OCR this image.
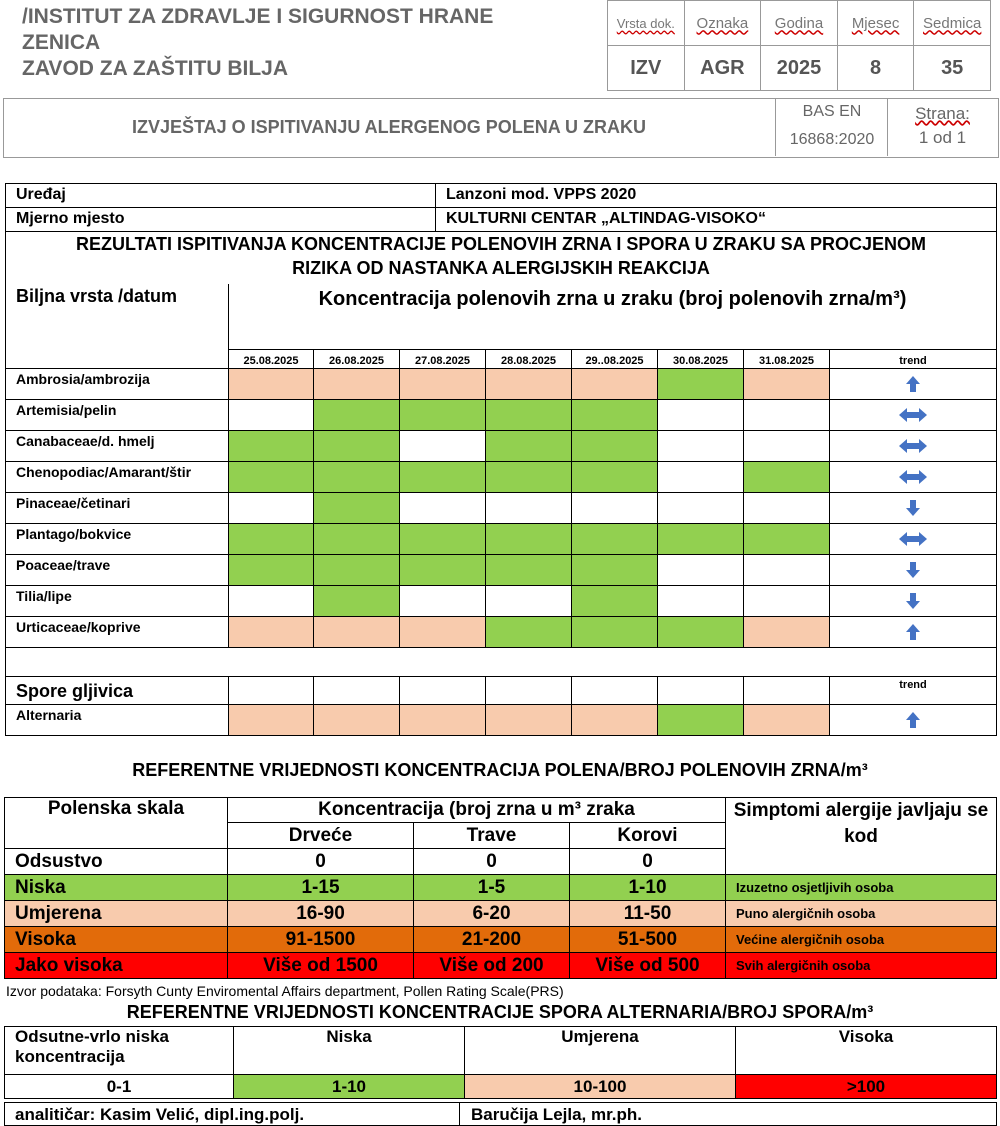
/INSTITUT ZA ZDRAVLJE I SIGURNOST HRANE
ZENICA
ZAVOD ZA ZAŠTITU BILJA
Vrsta dok.	Oznaka	Godina	Mjesec	Sedmica
IZV	AGR	2025	8	35
IZVJEŠTAJ O ISPITIVANJU ALERGENOG POLENA U ZRAKU
BAS EN
16868:2020
Strana:
1 od 1
Uređaj	Lanzoni mod. VPPS 2020
Mjerno mjesto	KULTURNI CENTAR „ALTINDAG-VISOKO“
REZULTATI ISPITIVANJA KONCENTRACIJE POLENOVIH ZRNA I SPORA U ZRAKU SA PROCJENOM RIZIKA OD NASTANKA ALERGIJSKIH REAKCIJA
Biljna vrsta /datum	Koncentracija polenovih zrna u zraku (broj polenovih zrna/m³)
25.08.2025	26.08.2025	27.08.2025	28.08.2025	29..08.2025	30.08.2025	31.08.2025	trend
Ambrosia/ambrozija
Artemisia/pelin
Canabaceae/d. hmelj
Chenopodiac/Amarant/štir
Pinaceae/četinari
Plantago/bokvice
Poaceae/trave
Tilia/lipe
Urticaceae/koprive
Spore gljivica	trend
Alternaria
REFERENTNE VRIJEDNOSTI KONCENTRACIJA POLENA/BROJ POLENOVIH ZRNA/m³
Polenska skala	Koncentracija (broj zrna u m³ zraka			Simptomi alergije javljaju se kod
	Drveće	Trave	Korovi	
Odsustvo	0	0	0	
Niska	1-15	1-5	1-10	Izuzetno osjetljivih osoba
Umjerena	16-90	6-20	11-50	Puno alergičnih osoba
Visoka	91-1500	21-200	51-500	Većine alergičnih osoba
Jako visoka	Više od 1500	Više od 200	Više od 500	Svih alergičnih osoba
Izvor podataka: Forsyth Cunty Enviromental Affairs department, Pollen Rating Scale(PRS)
REFERENTNE VRIJEDNOSTI KONCENTRACIJE SPORA ALTERNARIA/BROJ SPORA/m³
Odsutne-vrlo niska koncentracija	Niska	Umjerena	Visoka
0-1	1-10	10-100	>100
analitičar: Kasim Velić, dipl.ing.polj.	Baručija Lejla, mr.ph.
